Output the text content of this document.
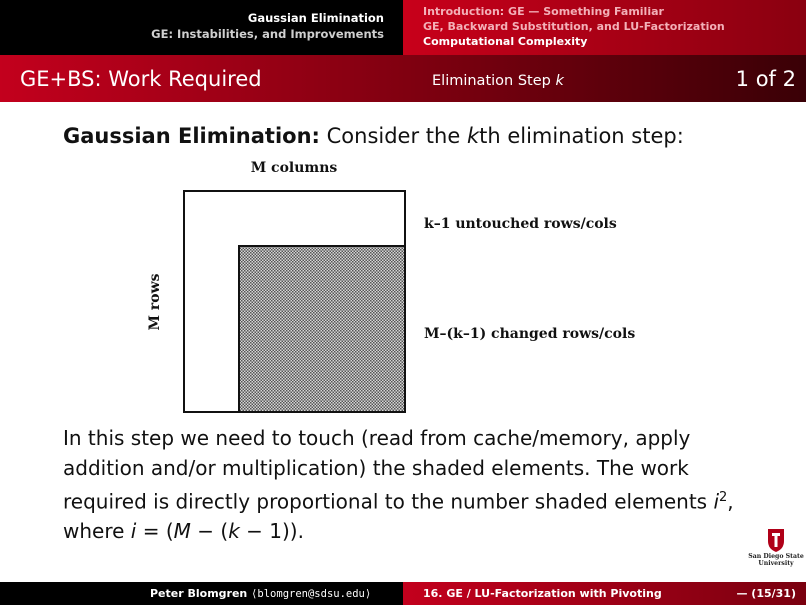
Gaussian Elimination
GE: Instabilities, and Improvements
Introduction: GE — Something Familiar
GE, Backward Substitution, and LU-Factorization
Computational Complexity
GE+BS: Work Required	Elimination Step k	1 of 2
Gaussian Elimination: Consider the kth elimination step:
M columns
M rows
k–1 untouched rows/cols
M–(k–1) changed rows/cols
In this step we need to touch (read from cache/memory, apply
addition and/or multiplication) the shaded elements. The work
required is directly proportional to the number shaded elements $i^2$,
where i = (M − (k − 1)).
San Diego State
University
Peter Blomgren ⟨blomgren@sdsu.edu⟩	16. GE / LU-Factorization with Pivoting	— (15/31)
